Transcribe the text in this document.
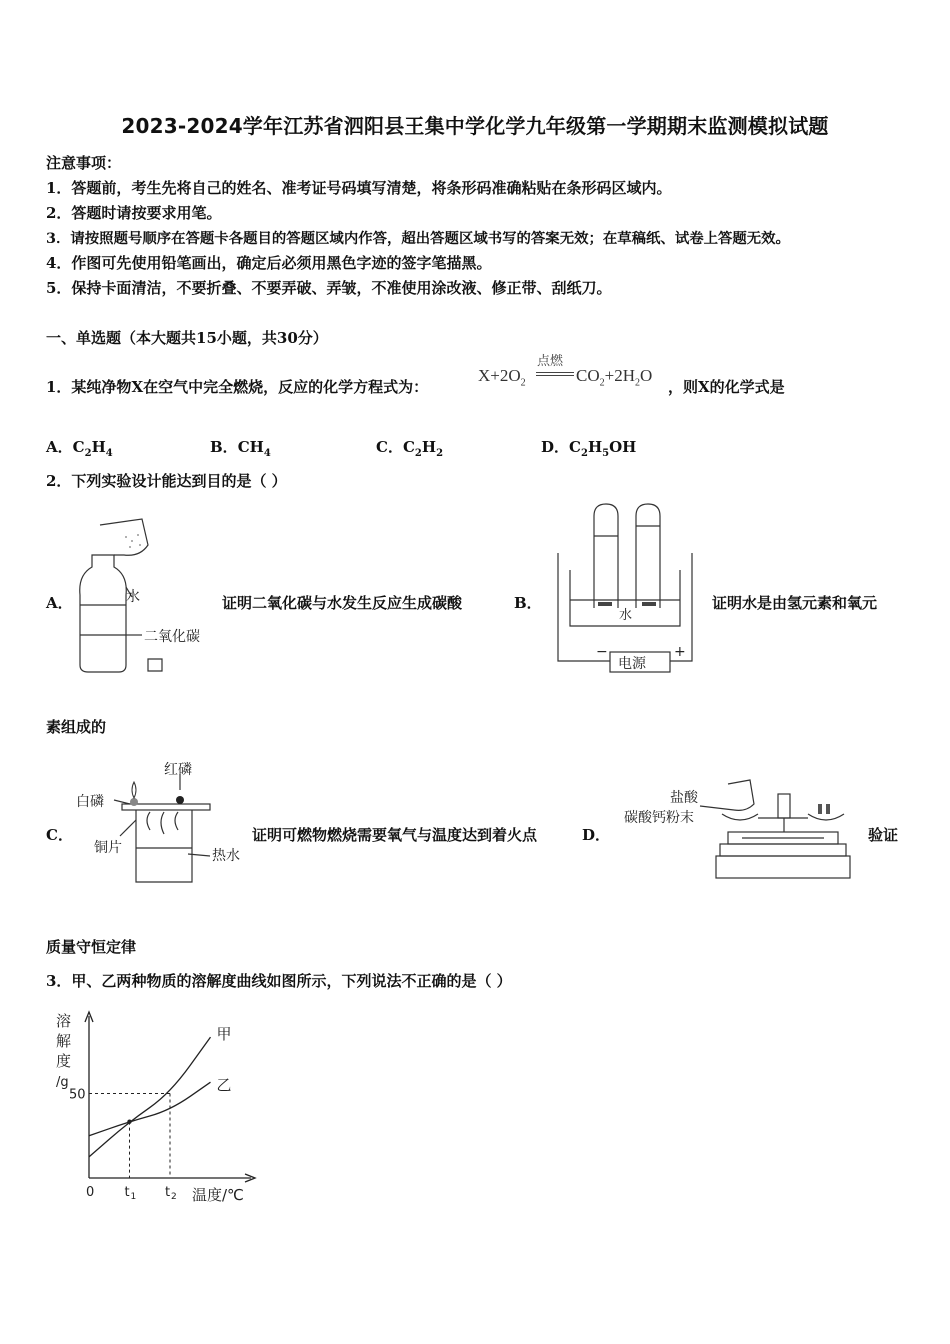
2023-2024学年江苏省泗阳县王集中学化学九年级第一学期期末监测模拟试题
注意事项：
1．答题前，考生先将自己的姓名、准考证号码填写清楚，将条形码准确粘贴在条形码区域内。
2．答题时请按要求用笔。
3．请按照题号顺序在答题卡各题目的答题区域内作答，超出答题区域书写的答案无效；在草稿纸、试卷上答题无效。
4．作图可先使用铅笔画出，确定后必须用黑色字迹的签字笔描黑。
5．保持卡面清洁，不要折叠、不要弄破、弄皱，不准使用涂改液、修正带、刮纸刀。
一、单选题（本大题共15小题，共30分）
1．某纯净物X在空气中完全燃烧，反应的化学方程式为：
$X+2O_2$
点燃
$CO_2+2H_2O$
，则X的化学式是
A．$C_2H_4$	B．$CH_4$	C．$C_2H_2$	D．$C_2H_5OH$
2．下列实验设计能达到目的是（ ）
A．	水
二氧化碳
证明二氧化碳与水发生反应生成碳酸	B．
电源
−	+
水
证明水是由氢元素和氧元
素组成的
C．
红磷
白磷
铜片	热水
证明可燃物燃烧需要氧气与温度达到着火点	D．
盐酸
碳酸钙粉末
验证
质量守恒定律
3．甲、乙两种物质的溶解度曲线如图所示，下列说法不正确的是（ ）
溶
解
度
/g
0	温度/℃
甲
乙
50
t 1 t 2
